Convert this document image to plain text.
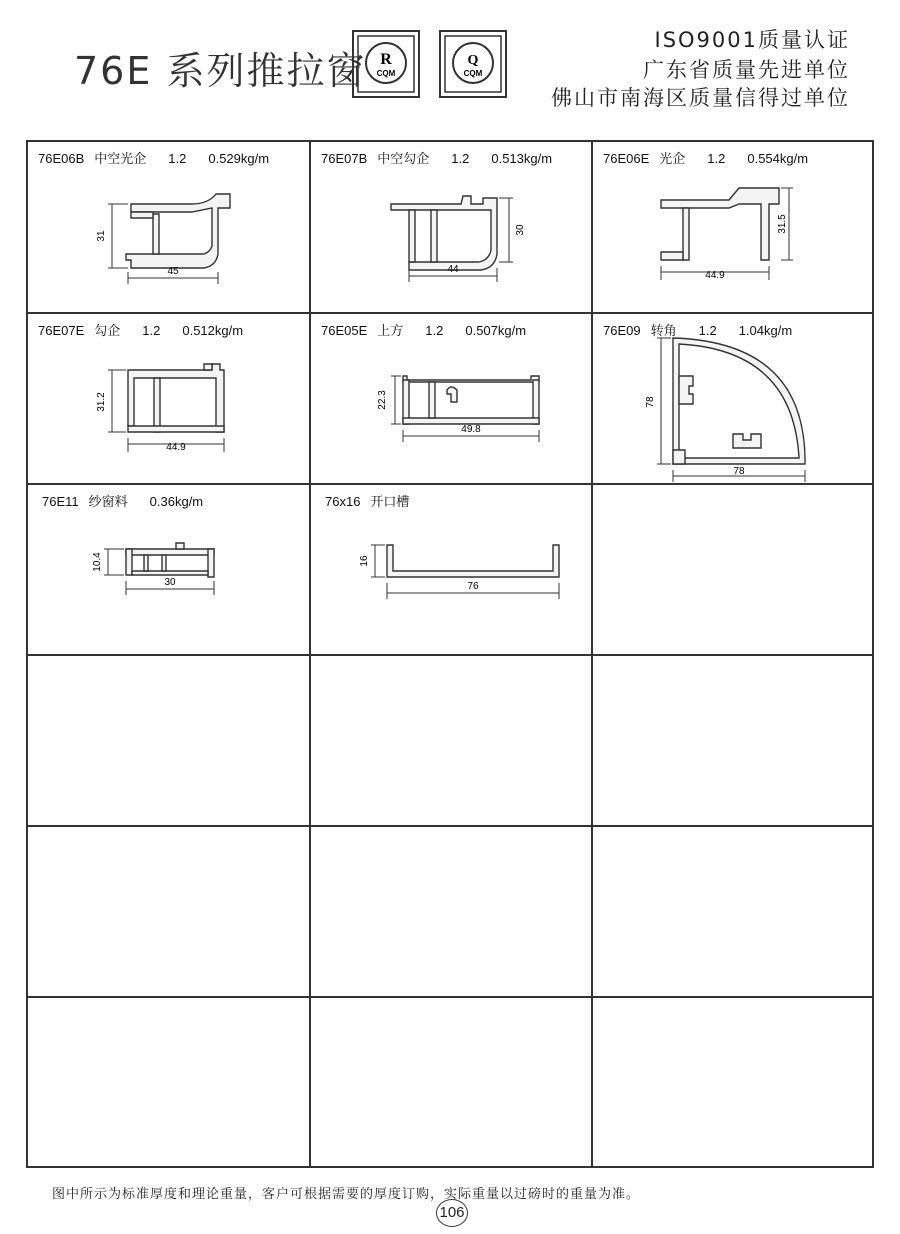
76E 系列推拉窗 R
CQM
Q
CQM
ISO9001质量认证
广东省质量先进单位
佛山市南海区质量信得过单位
76E06B 中空光企 1.2 0.529kg/m
31
45
76E07B 中空勾企 1.2 0.513kg/m
30
44
76E06E 光企 1.2 0.554kg/m
31.5
44.9
76E07E 勾企 1.2 0.512kg/m
31.2
44.9
76E05E 上方 1.2 0.507kg/m
22.3
49.8
76E09 转角 1.2 1.04kg/m
78
78
76E11 纱窗料 0.36kg/m
10.4
30
76x16 开口槽
16
76
图中所示为标准厚度和理论重量，客户可根据需要的厚度订购，实际重量以过磅时的重量为准。
106
